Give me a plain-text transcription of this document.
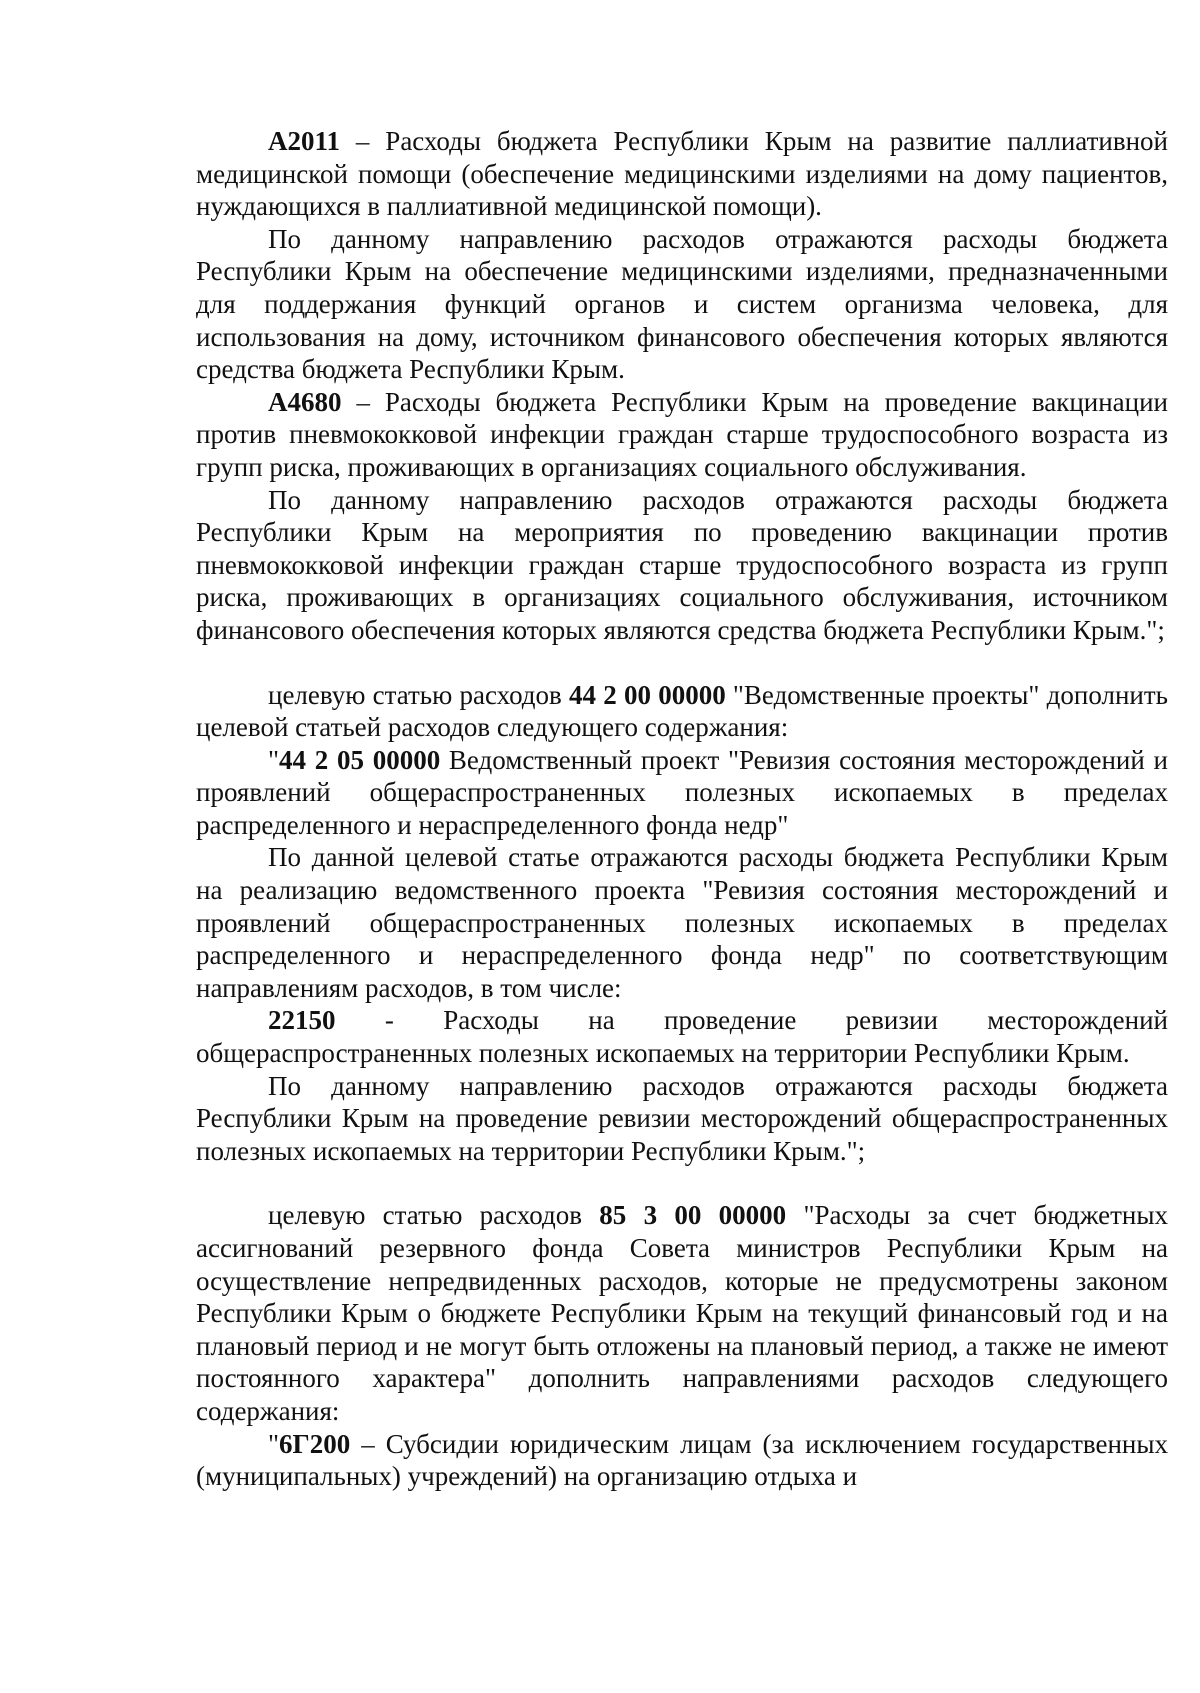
А2011 – Расходы бюджета Республики Крым на развитие паллиативной медицинской помощи (обеспечение медицинскими изделиями на дому пациентов, нуждающихся в паллиативной медицинской помощи).

По данному направлению расходов отражаются расходы бюджета Республики Крым на обеспечение медицинскими изделиями, предназначенными для поддержания функций органов и систем организма человека, для использования на дому, источником финансового обеспечения которых являются средства бюджета Республики Крым.

А4680 – Расходы бюджета Республики Крым на проведение вакцинации против пневмококковой инфекции граждан старше трудоспособного возраста из групп риска, проживающих в организациях социального обслуживания.

По данному направлению расходов отражаются расходы бюджета Республики Крым на мероприятия по проведению вакцинации против пневмококковой инфекции граждан старше трудоспособного возраста из групп риска, проживающих в организациях социального обслуживания, источником финансового обеспечения которых являются средства бюджета Республики Крым.";

целевую статью расходов 44 2 00 00000 "Ведомственные проекты" дополнить целевой статьей расходов следующего содержания:

"44 2 05 00000 Ведомственный проект "Ревизия состояния месторождений и проявлений общераспространенных полезных ископаемых в пределах распределенного и нераспределенного фонда недр"

По данной целевой статье отражаются расходы бюджета Республики Крым на реализацию ведомственного проекта "Ревизия состояния месторождений и проявлений общераспространенных полезных ископаемых в пределах распределенного и нераспределенного фонда недр" по соответствующим направлениям расходов, в том числе:

22150 - Расходы на проведение ревизии месторождений общераспространенных полезных ископаемых на территории Республики Крым.

По данному направлению расходов отражаются расходы бюджета Республики Крым на проведение ревизии месторождений общераспространенных полезных ископаемых на территории Республики Крым.";

целевую статью расходов 85 3 00 00000 "Расходы за счет бюджетных ассигнований резервного фонда Совета министров Республики Крым на осуществление непредвиденных расходов, которые не предусмотрены законом Республики Крым о бюджете Республики Крым на текущий финансовый год и на плановый период и не могут быть отложены на плановый период, а также не имеют постоянного характера" дополнить направлениями расходов следующего содержания:

"6Г200 – Субсидии юридическим лицам (за исключением государственных (муниципальных) учреждений) на организацию отдыха и
